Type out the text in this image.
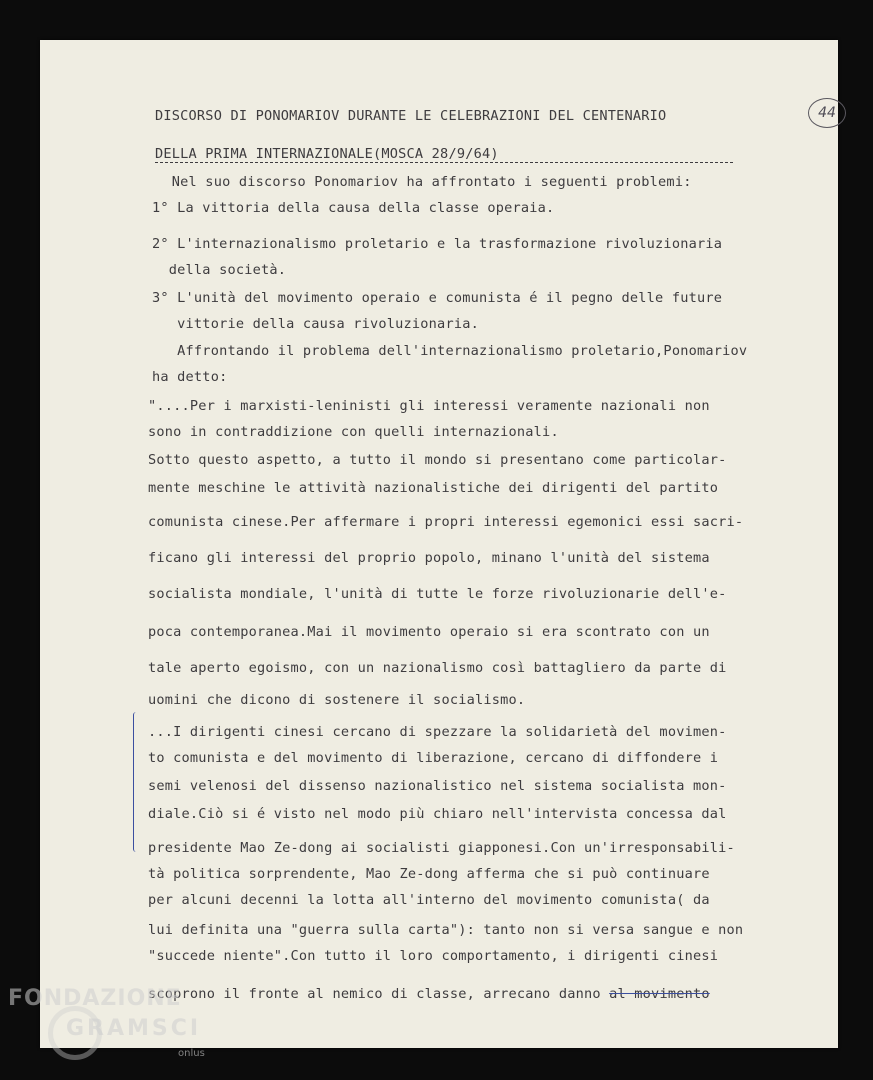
44
DISCORSO DI PONOMARIOV DURANTE LE CELEBRAZIONI DEL CENTENARIO
DELLA PRIMA INTERNAZIONALE(MOSCA 28/9/64)
Nel suo discorso Ponomariov ha affrontato i seguenti problemi:
1° La vittoria della causa della classe operaia.
2° L'internazionalismo proletario e la trasformazione rivoluzionaria
della società.
3° L'unità del movimento operaio e comunista é il pegno delle future
vittorie della causa rivoluzionaria.
Affrontando il problema dell'internazionalismo proletario,Ponomariov
ha detto:
"....Per i marxisti-leninisti gli interessi veramente nazionali non
sono in contraddizione con quelli internazionali.
Sotto questo aspetto, a tutto il mondo si presentano come particolar-
mente meschine le attività nazionalistiche dei dirigenti del partito
comunista cinese.Per affermare i propri interessi egemonici essi sacri-
ficano gli interessi del proprio popolo, minano l'unità del sistema
socialista mondiale, l'unità di tutte le forze rivoluzionarie dell'e-
poca contemporanea.Mai il movimento operaio si era scontrato con un
tale aperto egoismo, con un nazionalismo così battagliero da parte di
uomini che dicono di sostenere il socialismo.
...I dirigenti cinesi cercano di spezzare la solidarietà del movimen-
to comunista e del movimento di liberazione, cercano di diffondere i
semi velenosi del dissenso nazionalistico nel sistema socialista mon-
diale.Ciò si é visto nel modo più chiaro nell'intervista concessa dal
presidente Mao Ze-dong ai socialisti giapponesi.Con un'irresponsabili-
tà politica sorprendente, Mao Ze-dong afferma che si può continuare
per alcuni decenni la lotta all'interno del movimento comunista( da
lui definita una "guerra sulla carta"): tanto non si versa sangue e non
"succede niente".Con tutto il loro comportamento, i dirigenti cinesi
scoprono il fronte al nemico di classe, arrecano danno al movimento
FONDAZIONE
GRAMSCI
onlus
